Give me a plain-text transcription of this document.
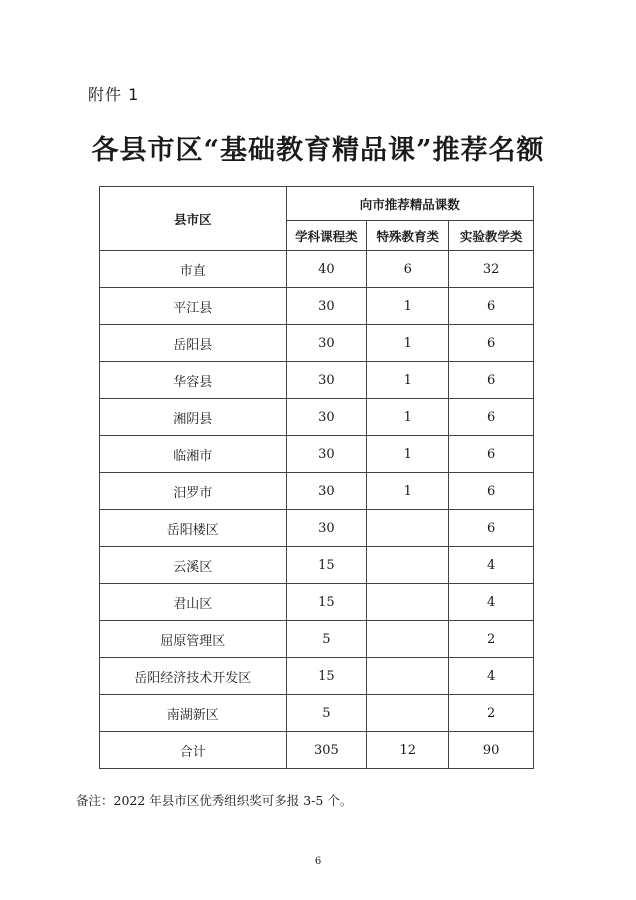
附件 1
各县市区“基础教育精品课”推荐名额
县市区	向市推荐精品课数		
	学科课程类	特殊教育类	实验教学类
市直	40	6	32
平江县	30	1	6
岳阳县	30	1	6
华容县	30	1	6
湘阴县	30	1	6
临湘市	30	1	6
汨罗市	30	1	6
岳阳楼区	30		6
云溪区	15		4
君山区	15		4
屈原管理区	5		2
岳阳经济技术开发区	15		4
南湖新区	5		2
合计	305	12	90
备注：2022 年县市区优秀组织奖可多报 3-5 个。
6
